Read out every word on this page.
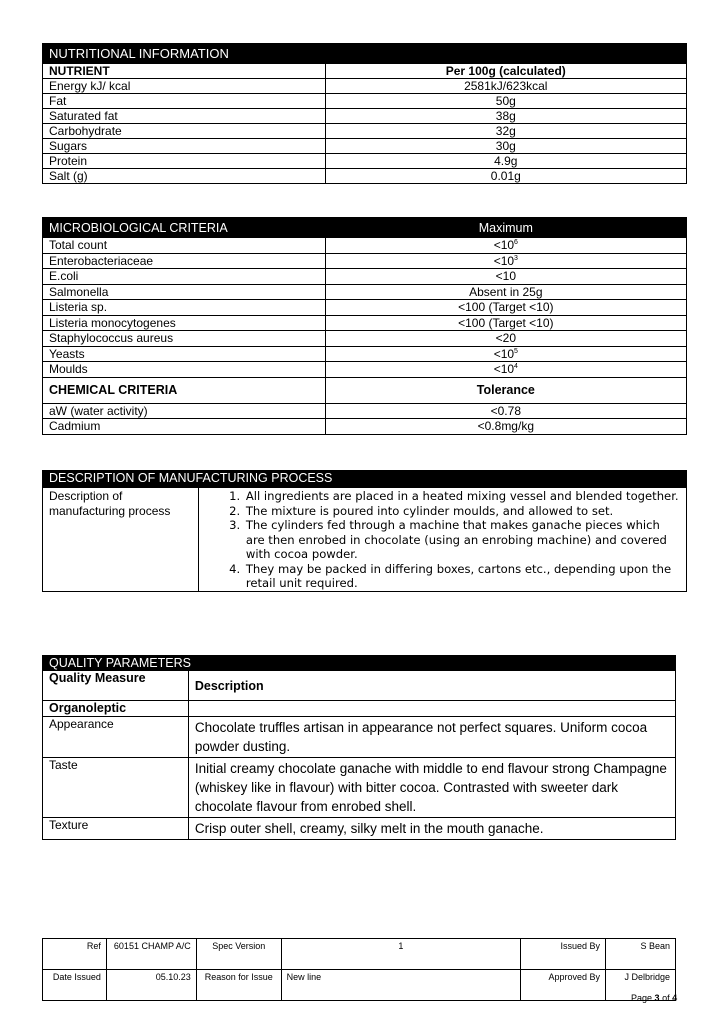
NUTRITIONAL INFORMATION	
NUTRIENT	Per 100g (calculated)
Energy kJ/ kcal	2581kJ/623kcal
Fat	50g
Saturated fat	38g
Carbohydrate	32g
Sugars	30g
Protein	4.9g
Salt (g)	0.01g
MICROBIOLOGICAL CRITERIA	Maximum
Total count	$<10^6$
Enterobacteriaceae	$<10^3$
E.coli	<10
Salmonella	Absent in 25g
Listeria sp.	<100 (Target <10)
Listeria monocytogenes	<100 (Target <10)
Staphylococcus aureus	<20
Yeasts	$<10^5$
Moulds	$<10^4$
CHEMICAL CRITERIA	Tolerance
aW (water activity)	<0.78
Cadmium	<0.8mg/kg
DESCRIPTION OF MANUFACTURING PROCESS
Description of manufacturing process	
1. All ingredients are placed in a heated mixing vessel and blended together.
2. The mixture is poured into cylinder moulds, and allowed to set.
3. The cylinders fed through a machine that makes ganache pieces which are then enrobed in chocolate (using an enrobing machine) and covered with cocoa powder.
4. They may be packed in differing boxes, cartons etc., depending upon the retail unit required.
QUALITY PARAMETERS	
Quality Measure	Description
Organoleptic	
Appearance	Chocolate truffles artisan in appearance not perfect squares. Uniform cocoa powder dusting.
Taste	Initial creamy chocolate ganache with middle to end flavour strong Champagne (whiskey like in flavour) with bitter cocoa. Contrasted with sweeter dark chocolate flavour from enrobed shell.
Texture	Crisp outer shell, creamy, silky melt in the mouth ganache.
Ref	60151 CHAMP A/C	Spec Version	1	Issued By	S Bean
Date Issued	05.10.23	Reason for Issue	New line	Approved By	J Delbridge
Page 3 of 4
